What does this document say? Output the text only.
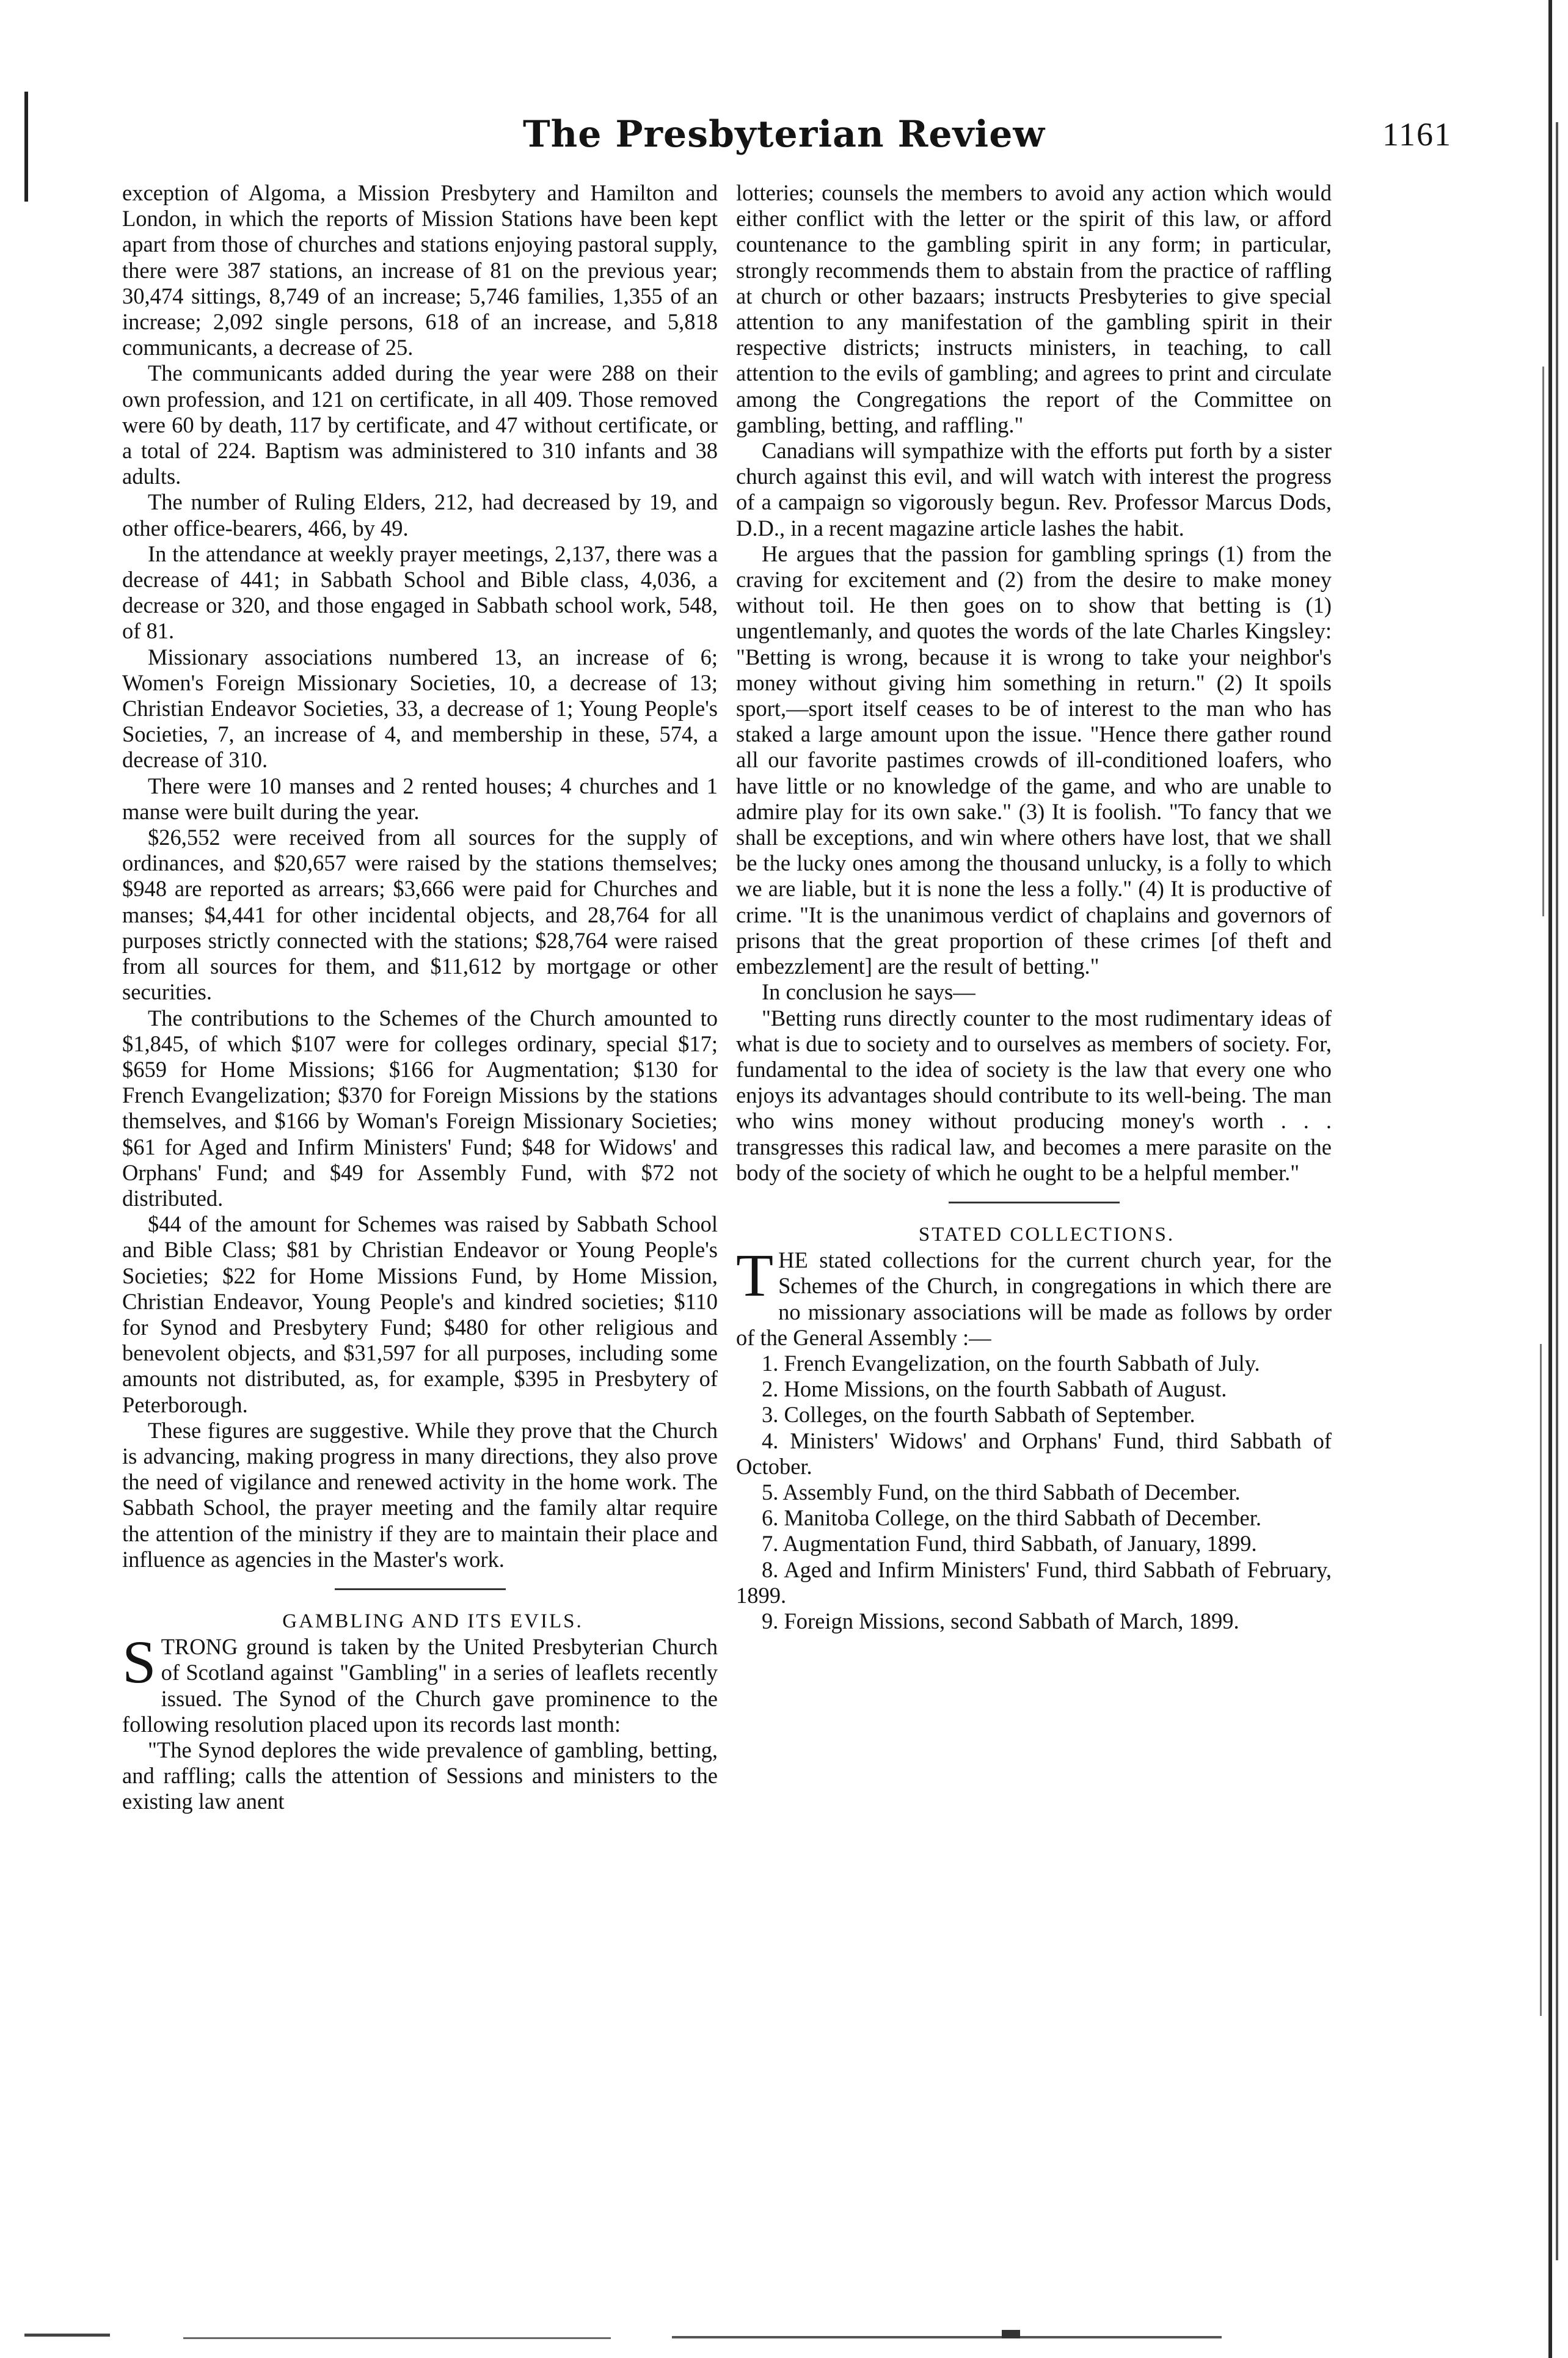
The Presbyterian Review	1161

exception of Algoma, a Mission Presbytery and Hamilton and London, in which the reports of Mission Stations have been kept apart from those of churches and stations enjoying pastoral supply, there were 387 stations, an increase of 81 on the previous year; 30,474 sittings, 8,749 of an increase; 5,746 families, 1,355 of an increase; 2,092 single persons, 618 of an increase, and 5,818 communicants, a decrease of 25.

The communicants added during the year were 288 on their own profession, and 121 on certificate, in all 409. Those removed were 60 by death, 117 by certificate, and 47 without certificate, or a total of 224. Baptism was administered to 310 infants and 38 adults.

The number of Ruling Elders, 212, had decreased by 19, and other office-bearers, 466, by 49.

In the attendance at weekly prayer meetings, 2,137, there was a decrease of 441; in Sabbath School and Bible class, 4,036, a decrease or 320, and those engaged in Sabbath school work, 548, of 81.

Missionary associations numbered 13, an increase of 6; Women's Foreign Missionary Societies, 10, a decrease of 13; Christian Endeavor Societies, 33, a decrease of 1; Young People's Societies, 7, an increase of 4, and membership in these, 574, a decrease of 310.

There were 10 manses and 2 rented houses; 4 churches and 1 manse were built during the year.

$26,552 were received from all sources for the supply of ordinances, and $20,657 were raised by the stations themselves; $948 are reported as arrears; $3,666 were paid for Churches and manses; $4,441 for other incidental objects, and 28,764 for all purposes strictly connected with the stations; $28,764 were raised from all sources for them, and $11,612 by mortgage or other securities.

The contributions to the Schemes of the Church amounted to $1,845, of which $107 were for colleges ordinary, special $17; $659 for Home Missions; $166 for Augmentation; $130 for French Evangelization; $370 for Foreign Missions by the stations themselves, and $166 by Woman's Foreign Missionary Societies; $61 for Aged and Infirm Ministers' Fund; $48 for Widows' and Orphans' Fund; and $49 for Assembly Fund, with $72 not distributed.

$44 of the amount for Schemes was raised by Sabbath School and Bible Class; $81 by Christian Endeavor or Young People's Societies; $22 for Home Missions Fund, by Home Mission, Christian Endeavor, Young People's and kindred societies; $110 for Synod and Presbytery Fund; $480 for other religious and benevolent objects, and $31,597 for all purposes, including some amounts not distributed, as, for example, $395 in Presbytery of Peterborough.

These figures are suggestive. While they prove that the Church is advancing, making progress in many directions, they also prove the need of vigilance and renewed activity in the home work. The Sabbath School, the prayer meeting and the family altar require the attention of the ministry if they are to maintain their place and influence as agencies in the Master's work.

GAMBLING AND ITS EVILS.

STRONG ground is taken by the United Presbyterian Church of Scotland against "Gambling" in a series of leaflets recently issued. The Synod of the Church gave prominence to the following resolution placed upon its records last month:

"The Synod deplores the wide prevalence of gambling, betting, and raffling; calls the attention of Sessions and ministers to the existing law anent

lotteries; counsels the members to avoid any action which would either conflict with the letter or the spirit of this law, or afford countenance to the gambling spirit in any form; in particular, strongly recommends them to abstain from the practice of raffling at church or other bazaars; instructs Presbyteries to give special attention to any manifestation of the gambling spirit in their respective districts; instructs ministers, in teaching, to call attention to the evils of gambling; and agrees to print and circulate among the Congregations the report of the Committee on gambling, betting, and raffling."

Canadians will sympathize with the efforts put forth by a sister church against this evil, and will watch with interest the progress of a campaign so vigorously begun. Rev. Professor Marcus Dods, D.D., in a recent magazine article lashes the habit.

He argues that the passion for gambling springs (1) from the craving for excitement and (2) from the desire to make money without toil. He then goes on to show that betting is (1) ungentlemanly, and quotes the words of the late Charles Kingsley: "Betting is wrong, because it is wrong to take your neighbor's money without giving him something in return." (2) It spoils sport,—sport itself ceases to be of interest to the man who has staked a large amount upon the issue. "Hence there gather round all our favorite pastimes crowds of ill-conditioned loafers, who have little or no knowledge of the game, and who are unable to admire play for its own sake." (3) It is foolish. "To fancy that we shall be exceptions, and win where others have lost, that we shall be the lucky ones among the thousand unlucky, is a folly to which we are liable, but it is none the less a folly." (4) It is productive of crime. "It is the unanimous verdict of chaplains and governors of prisons that the great proportion of these crimes [of theft and embezzlement] are the result of betting."

In conclusion he says—

"Betting runs directly counter to the most rudimentary ideas of what is due to society and to ourselves as members of society. For, fundamental to the idea of society is the law that every one who enjoys its advantages should contribute to its well-being. The man who wins money without producing money's worth . . . transgresses this radical law, and becomes a mere parasite on the body of the society of which he ought to be a helpful member."

STATED COLLECTIONS.

THE stated collections for the current church year, for the Schemes of the Church, in congregations in which there are no missionary associations will be made as follows by order of the General Assembly :—

1. French Evangelization, on the fourth Sabbath of July.

2. Home Missions, on the fourth Sabbath of August.

3. Colleges, on the fourth Sabbath of September.

4. Ministers' Widows' and Orphans' Fund, third Sabbath of October.

5. Assembly Fund, on the third Sabbath of December.

6. Manitoba College, on the third Sabbath of December.

7. Augmentation Fund, third Sabbath, of January, 1899.

8. Aged and Infirm Ministers' Fund, third Sabbath of February, 1899.

9. Foreign Missions, second Sabbath of March, 1899.
